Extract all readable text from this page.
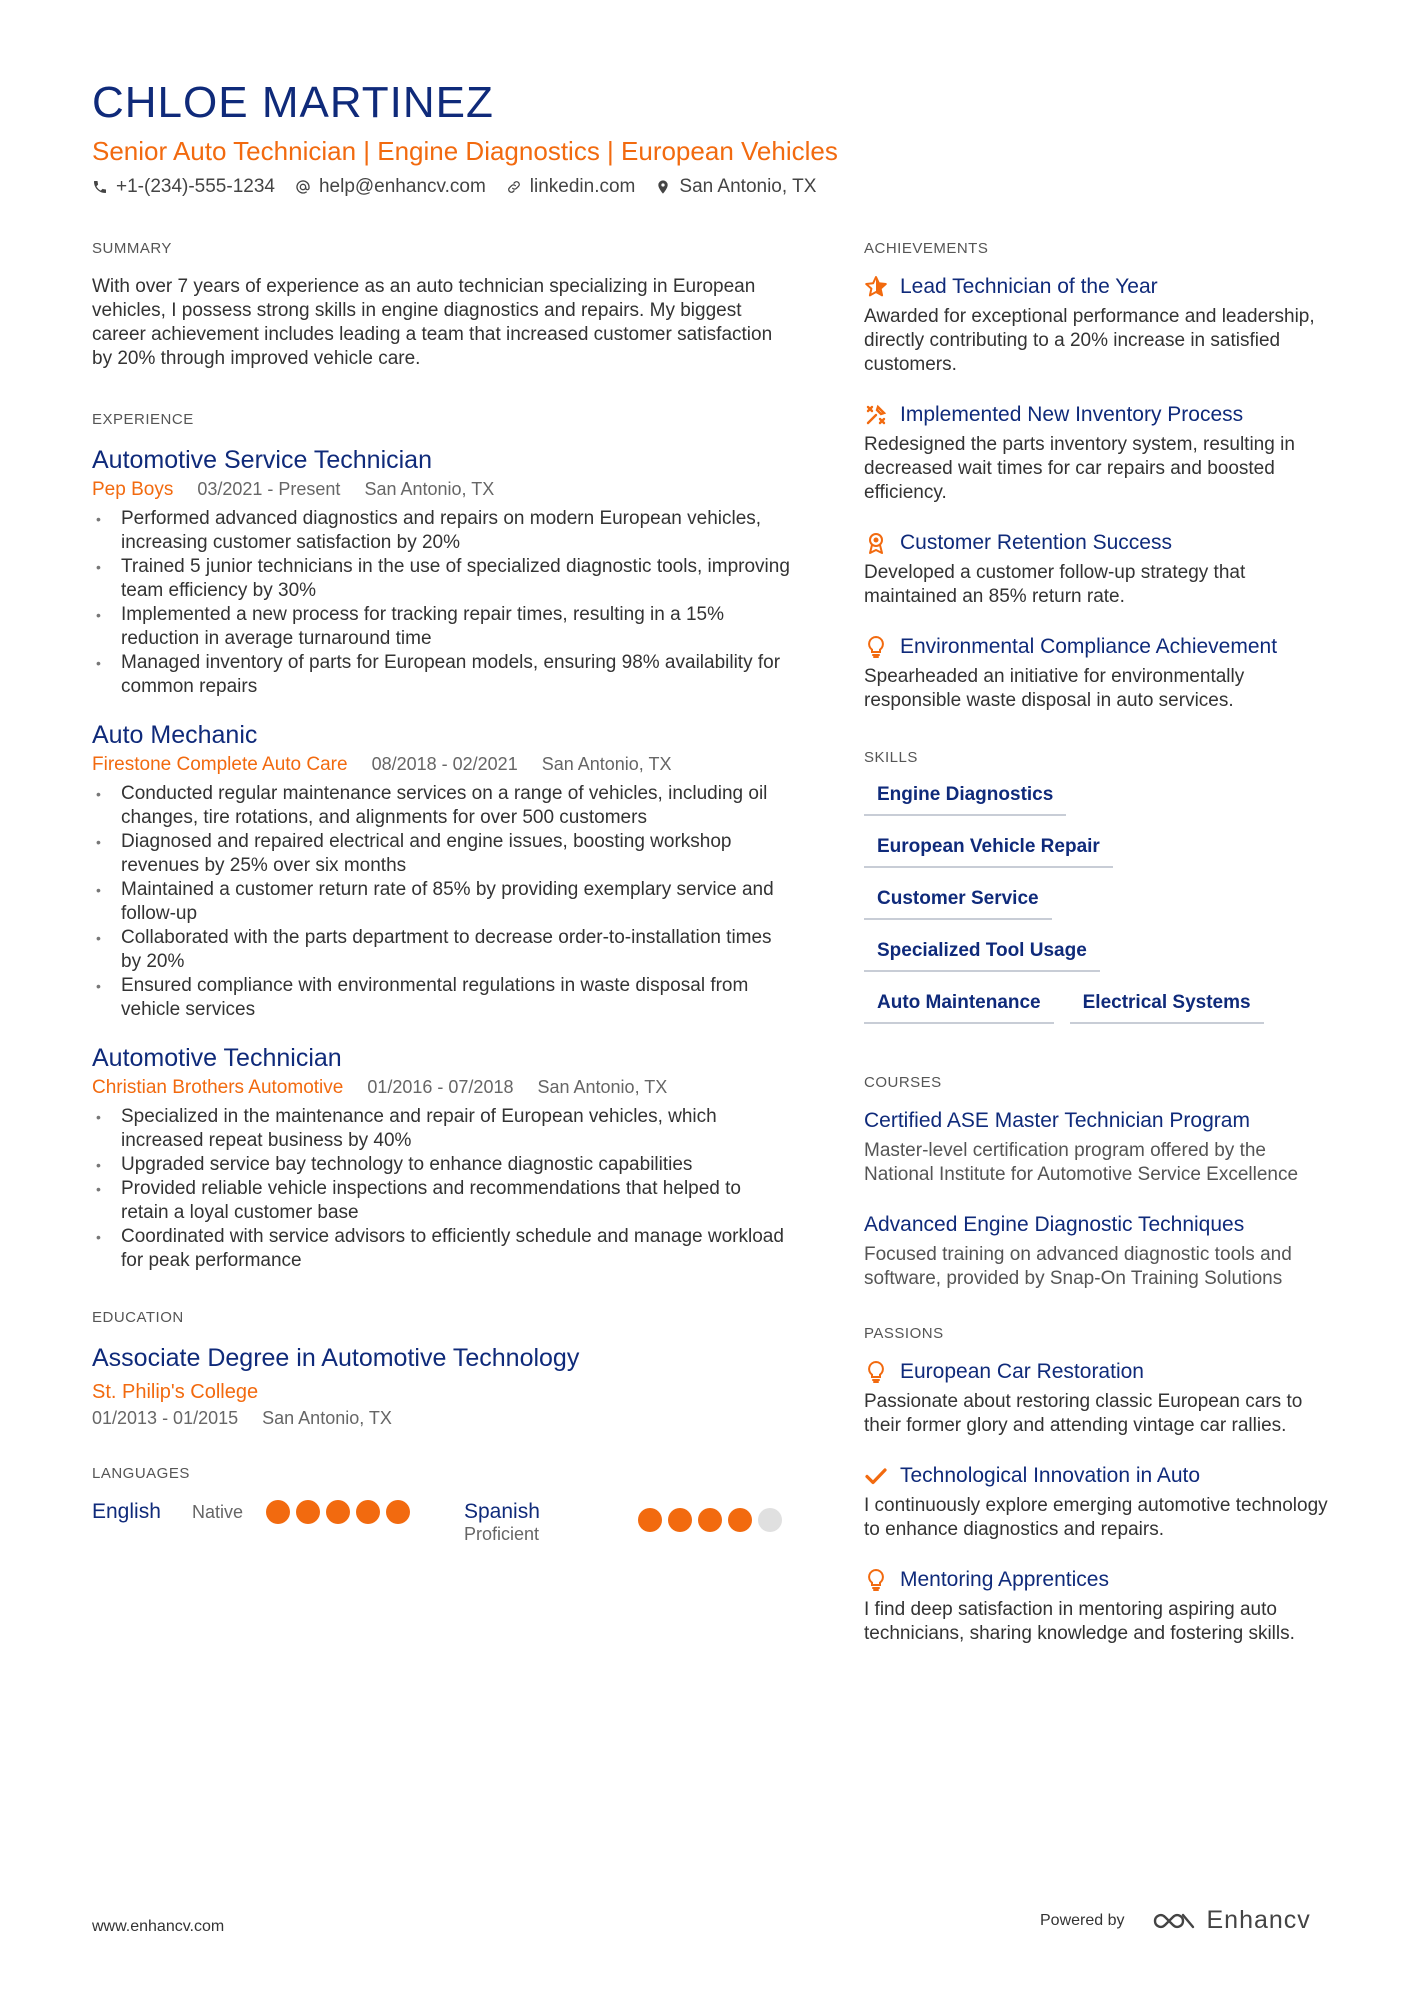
CHLOE MARTINEZ
Senior Auto Technician | Engine Diagnostics | European Vehicles
+1-(234)-555-1234 help@enhancv.com linkedin.com San Antonio, TX
SUMMARY

With over 7 years of experience as an auto technician specializing in European vehicles, I possess strong skills in engine diagnostics and repairs. My biggest career achievement includes leading a team that increased customer satisfaction by 20% through improved vehicle care.

EXPERIENCE
Automotive Service Technician
Pep Boys 03/2021 - Present San Antonio, TX
• Performed advanced diagnostics and repairs on modern European vehicles, increasing customer satisfaction by 20%
• Trained 5 junior technicians in the use of specialized diagnostic tools, improving team efficiency by 30%
• Implemented a new process for tracking repair times, resulting in a 15% reduction in average turnaround time
• Managed inventory of parts for European models, ensuring 98% availability for common repairs
Auto Mechanic
Firestone Complete Auto Care 08/2018 - 02/2021 San Antonio, TX
• Conducted regular maintenance services on a range of vehicles, including oil changes, tire rotations, and alignments for over 500 customers
• Diagnosed and repaired electrical and engine issues, boosting workshop revenues by 25% over six months
• Maintained a customer return rate of 85% by providing exemplary service and follow-up
• Collaborated with the parts department to decrease order-to-installation times by 20%
• Ensured compliance with environmental regulations in waste disposal from vehicle services
Automotive Technician
Christian Brothers Automotive 01/2016 - 07/2018 San Antonio, TX
• Specialized in the maintenance and repair of European vehicles, which increased repeat business by 40%
• Upgraded service bay technology to enhance diagnostic capabilities
• Provided reliable vehicle inspections and recommendations that helped to retain a loyal customer base
• Coordinated with service advisors to efficiently schedule and manage workload for peak performance
EDUCATION
Associate Degree in Automotive Technology
St. Philip's College
01/2013 - 01/2015 San Antonio, TX
LANGUAGES
English	Native	Spanish
Proficient
ACHIEVEMENTS
Lead Technician of the Year
Awarded for exceptional performance and leadership, directly contributing to a 20% increase in satisfied customers.
Implemented New Inventory Process
Redesigned the parts inventory system, resulting in decreased wait times for car repairs and boosted efficiency.
Customer Retention Success
Developed a customer follow-up strategy that maintained an 85% return rate.
Environmental Compliance Achievement
Spearheaded an initiative for environmentally responsible waste disposal in auto services.
SKILLS
Engine Diagnostics
European Vehicle Repair
Customer Service
Specialized Tool Usage
Auto Maintenance	Electrical Systems
COURSES
Certified ASE Master Technician Program
Master-level certification program offered by the National Institute for Automotive Service Excellence
Advanced Engine Diagnostic Techniques
Focused training on advanced diagnostic tools and software, provided by Snap-On Training Solutions
PASSIONS
European Car Restoration
Passionate about restoring classic European cars to their former glory and attending vintage car rallies.
Technological Innovation in Auto
I continuously explore emerging automotive technology to enhance diagnostics and repairs.
Mentoring Apprentices
I find deep satisfaction in mentoring aspiring auto technicians, sharing knowledge and fostering skills.
www.enhancv.com	Powered by	Enhancv
